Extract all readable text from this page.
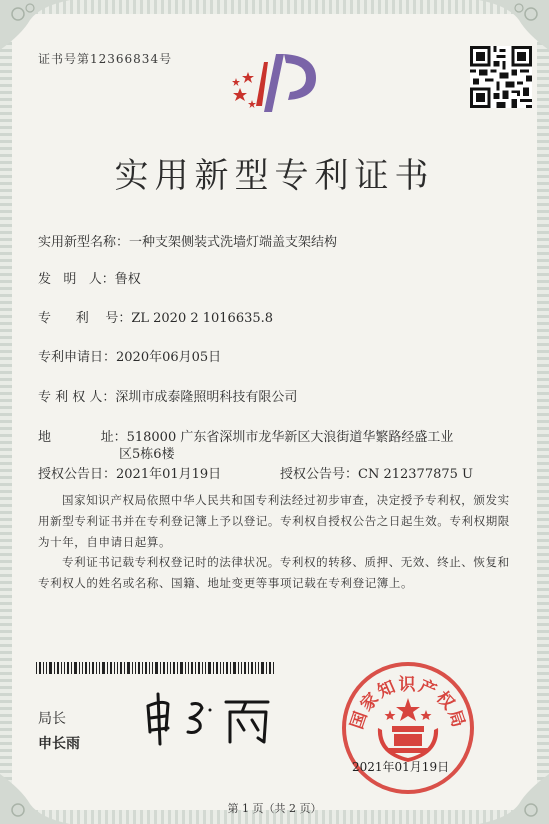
证书号第12366834号
实用新型专利证书
实用新型名称：一种支架侧装式洗墙灯端盖支架结构
发   明   人：鲁权
专      利    号：ZL 2020 2 1016635.8
专利申请日：2020年06月05日
专 利 权 人：深圳市成泰隆照明科技有限公司
地            址：518000 广东省深圳市龙华新区大浪街道华繁路经盛工业
区5栋6楼
授权公告日：2021年01月19日	授权公告号：CN 212377875 U
国家知识产权局依照中华人民共和国专利法经过初步审查，决定授予专利权，颁发实用新型专利证书并在专利登记簿上予以登记。专利权自授权公告之日起生效。专利权期限为十年，自申请日起算。
专利证书记载专利权登记时的法律状况。专利权的转移、质押、无效、终止、恢复和专利权人的姓名或名称、国籍、地址变更等事项记载在专利登记簿上。
局长
申长雨
国家知识产权局
2021年01月19日
第 1 页（共 2 页）
